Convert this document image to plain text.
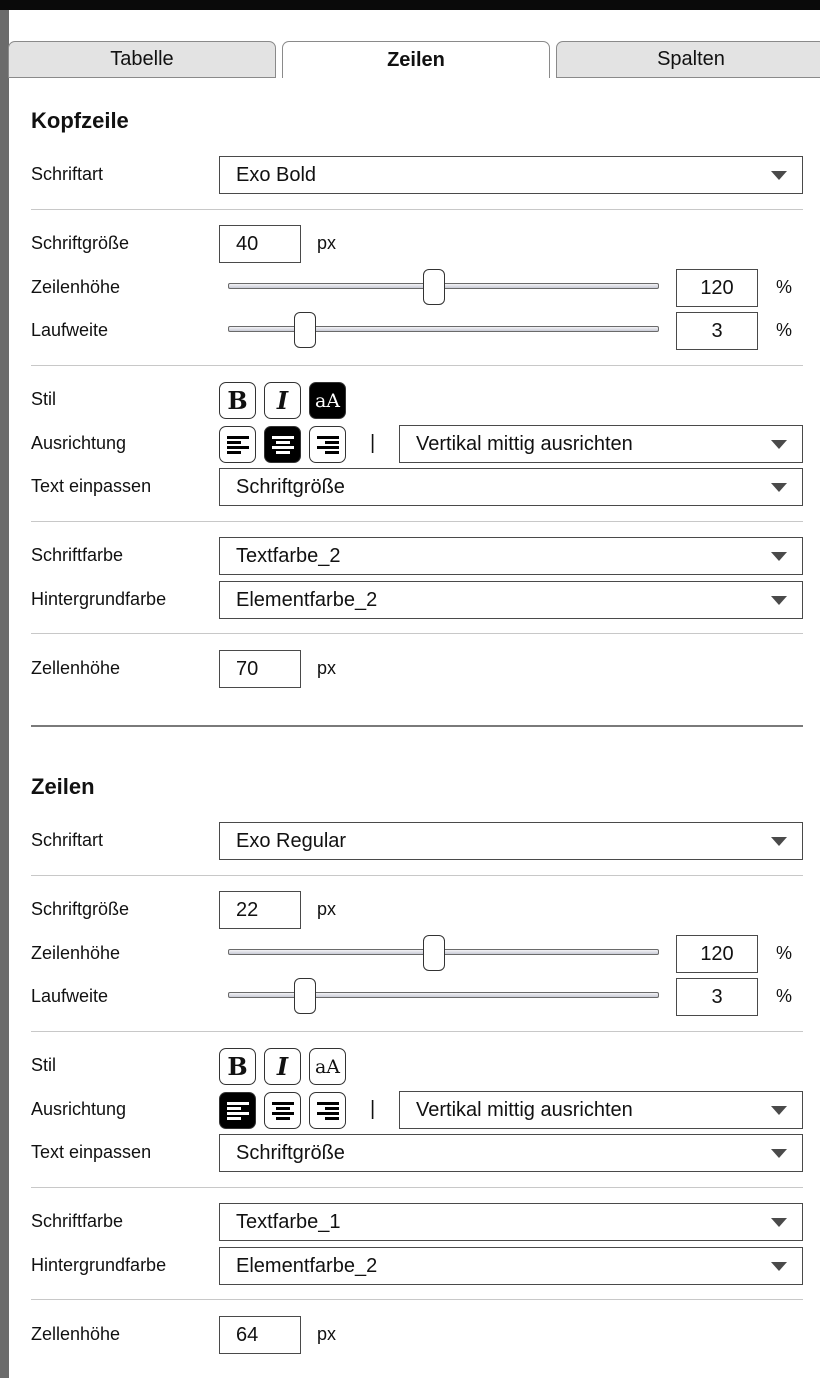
Tabelle	Zeilen	Spalten
Kopfzeile
Schriftart	Exo Bold
Schriftgröße	40	px
Zeilenhöhe	120	%
Laufweite	3	%
Stil	B I aA
Ausrichtung	| Vertikal mittig ausrichten
Text einpassen	Schriftgröße
Schriftfarbe	Textfarbe_2
Hintergrundfarbe	Elementfarbe_2
Zellenhöhe	70	px
Zeilen
Schriftart	Exo Regular
Schriftgröße	22	px
Zeilenhöhe	120	%
Laufweite	3	%
Stil	B I aA
Ausrichtung	| Vertikal mittig ausrichten
Text einpassen	Schriftgröße
Schriftfarbe	Textfarbe_1
Hintergrundfarbe	Elementfarbe_2
Zellenhöhe	64	px
